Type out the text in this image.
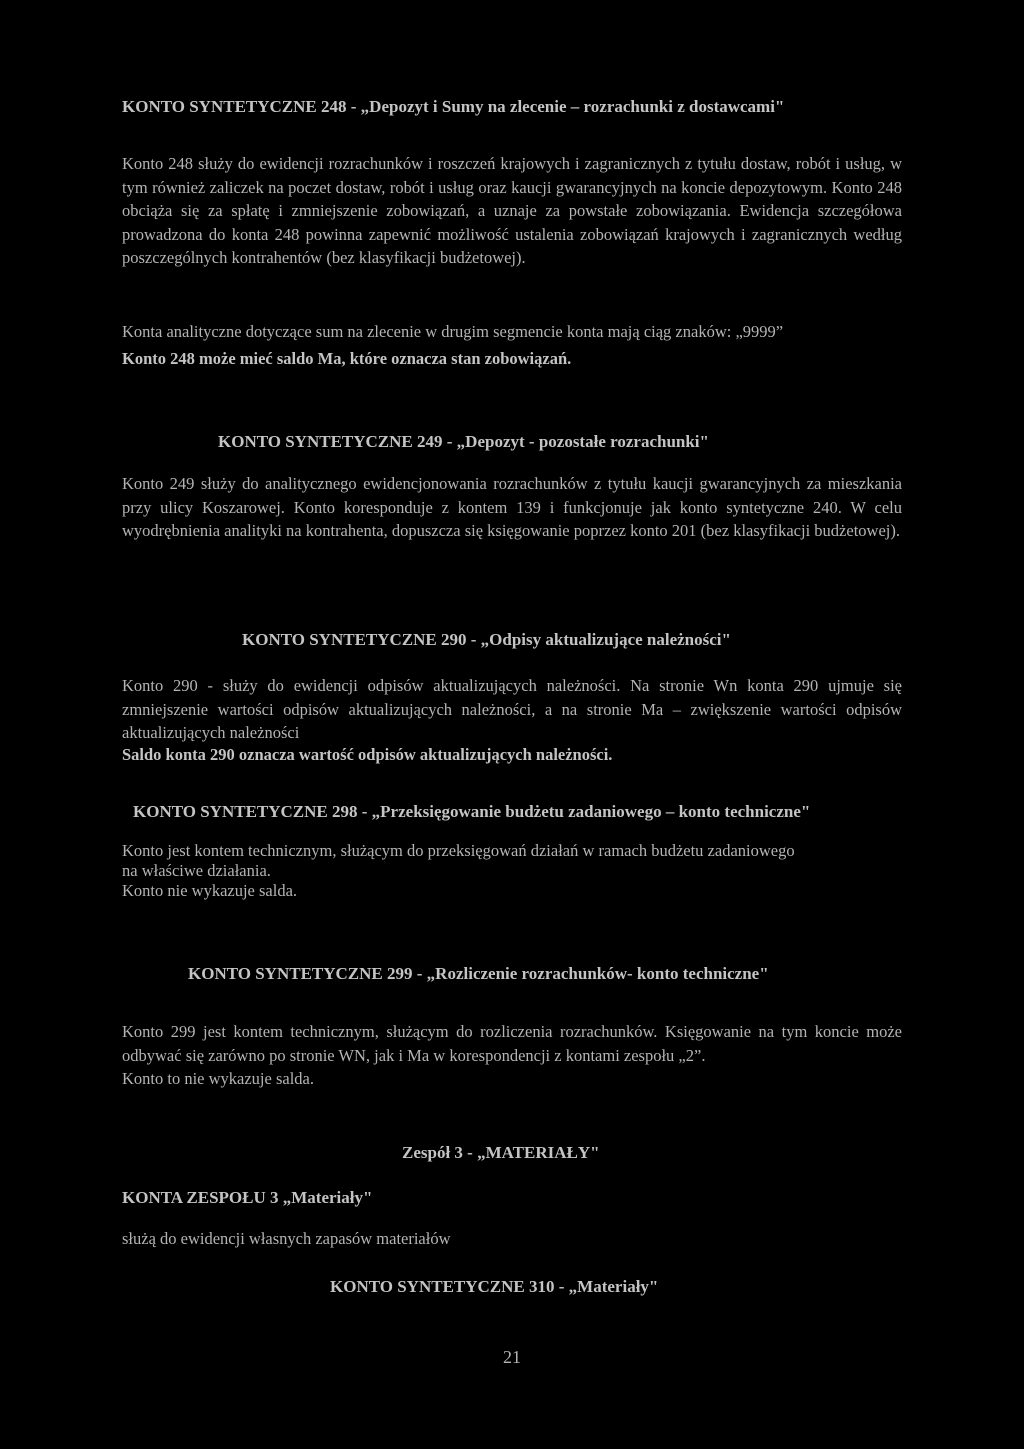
KONTO SYNTETYCZNE 248 - „Depozyt i Sumy na zlecenie – rozrachunki z dostawcami"
Konto 248 służy do ewidencji rozrachunków i roszczeń krajowych i zagranicznych z tytułu dostaw, robót i usług, w tym również zaliczek na poczet dostaw, robót i usług oraz kaucji gwarancyjnych na koncie depozytowym. Konto 248 obciąża się za spłatę i zmniejszenie zobowiązań, a uznaje za powstałe zobowiązania. Ewidencja szczegółowa prowadzona do konta 248 powinna zapewnić możliwość ustalenia zobowiązań krajowych i zagranicznych według poszczególnych kontrahentów (bez klasyfikacji budżetowej).
Konta analityczne dotyczące sum na zlecenie w drugim segmencie konta mają ciąg znaków: „9999”
Konto 248 może mieć saldo Ma, które oznacza stan zobowiązań.
KONTO SYNTETYCZNE 249 - „Depozyt - pozostałe rozrachunki"
Konto 249 służy do analitycznego ewidencjonowania rozrachunków z tytułu kaucji gwarancyjnych za mieszkania przy ulicy Koszarowej. Konto koresponduje z kontem 139 i funkcjonuje jak konto syntetyczne 240. W celu wyodrębnienia analityki na kontrahenta, dopuszcza się księgowanie poprzez konto 201 (bez klasyfikacji budżetowej).
KONTO SYNTETYCZNE 290 - „Odpisy aktualizujące należności"
Konto 290 - służy do ewidencji odpisów aktualizujących należności. Na stronie Wn konta 290 ujmuje się zmniejszenie wartości odpisów aktualizujących należności, a na stronie Ma – zwiększenie wartości odpisów aktualizujących należności
Saldo konta 290 oznacza wartość odpisów aktualizujących należności.
KONTO SYNTETYCZNE 298 - „Przeksięgowanie budżetu zadaniowego – konto techniczne"
Konto jest kontem technicznym, służącym do przeksięgowań działań w ramach budżetu zadaniowego
na właściwe działania.
Konto nie wykazuje salda.
KONTO SYNTETYCZNE 299 - „Rozliczenie rozrachunków- konto techniczne"
Konto 299 jest kontem technicznym, służącym do rozliczenia rozrachunków. Księgowanie na tym koncie może odbywać się zarówno po stronie WN, jak i Ma w korespondencji z kontami zespołu „2”.
Konto to nie wykazuje salda.
Zespół 3 - „MATERIAŁY"
KONTA ZESPOŁU 3 „Materiały"
służą do ewidencji własnych zapasów materiałów
KONTO SYNTETYCZNE 310 - „Materiały"
21
